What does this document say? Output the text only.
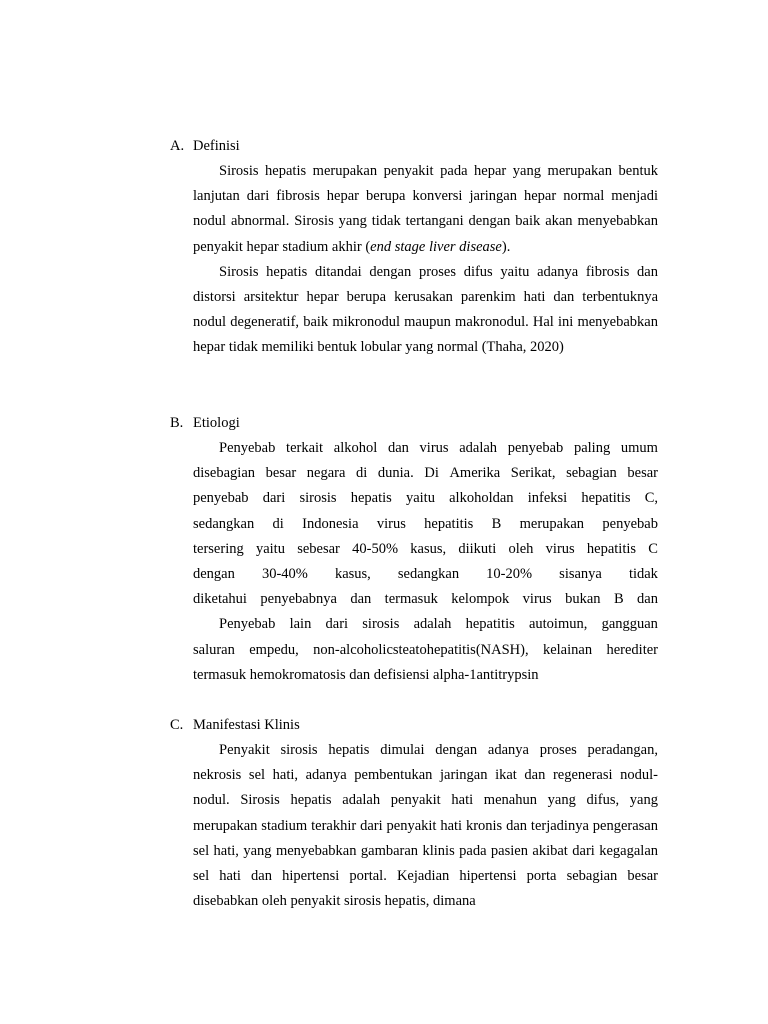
A. Definisi

Sirosis hepatis merupakan penyakit pada hepar yang merupakan bentuk lanjutan dari fibrosis hepar berupa konversi jaringan hepar normal menjadi nodul abnormal. Sirosis yang tidak tertangani dengan baik akan menyebabkan penyakit hepar stadium akhir (end stage liver disease).

Sirosis hepatis ditandai dengan proses difus yaitu adanya fibrosis dan distorsi arsitektur hepar berupa kerusakan parenkim hati dan terbentuknya nodul degeneratif, baik mikronodul maupun makronodul. Hal ini menyebabkan hepar tidak memiliki bentuk lobular yang normal (Thaha, 2020)

B. Etiologi
Penyebab terkait alkohol dan virus adalah penyebab paling umum
disebagian besar negara di dunia. Di Amerika Serikat, sebagian besar
penyebab dari sirosis hepatis yaitu alkoholdan infeksi hepatitis C,
sedangkan di Indonesia virus hepatitis B merupakan penyebab
tersering yaitu sebesar 40-50% kasus, diikuti oleh virus hepatitis C
dengan 30-40% kasus, sedangkan 10-20% sisanya tidak
diketahui penyebabnya dan termasuk kelompok virus bukan B dan
Penyebab lain dari sirosis adalah hepatitis autoimun, gangguan
saluran empedu, non-alcoholicsteatohepatitis(NASH), kelainan herediter
termasuk hemokromatosis dan defisiensi alpha-1antitrypsin
C. Manifestasi Klinis

Penyakit sirosis hepatis dimulai dengan adanya proses peradangan, nekrosis sel hati, adanya pembentukan jaringan ikat dan regenerasi nodul-nodul. Sirosis hepatis adalah penyakit hati menahun yang difus, yang merupakan stadium terakhir dari penyakit hati kronis dan terjadinya pengerasan sel hati, yang menyebabkan gambaran klinis pada pasien akibat dari kegagalan sel hati dan hipertensi portal. Kejadian hipertensi porta sebagian besar disebabkan oleh penyakit sirosis hepatis, dimana
